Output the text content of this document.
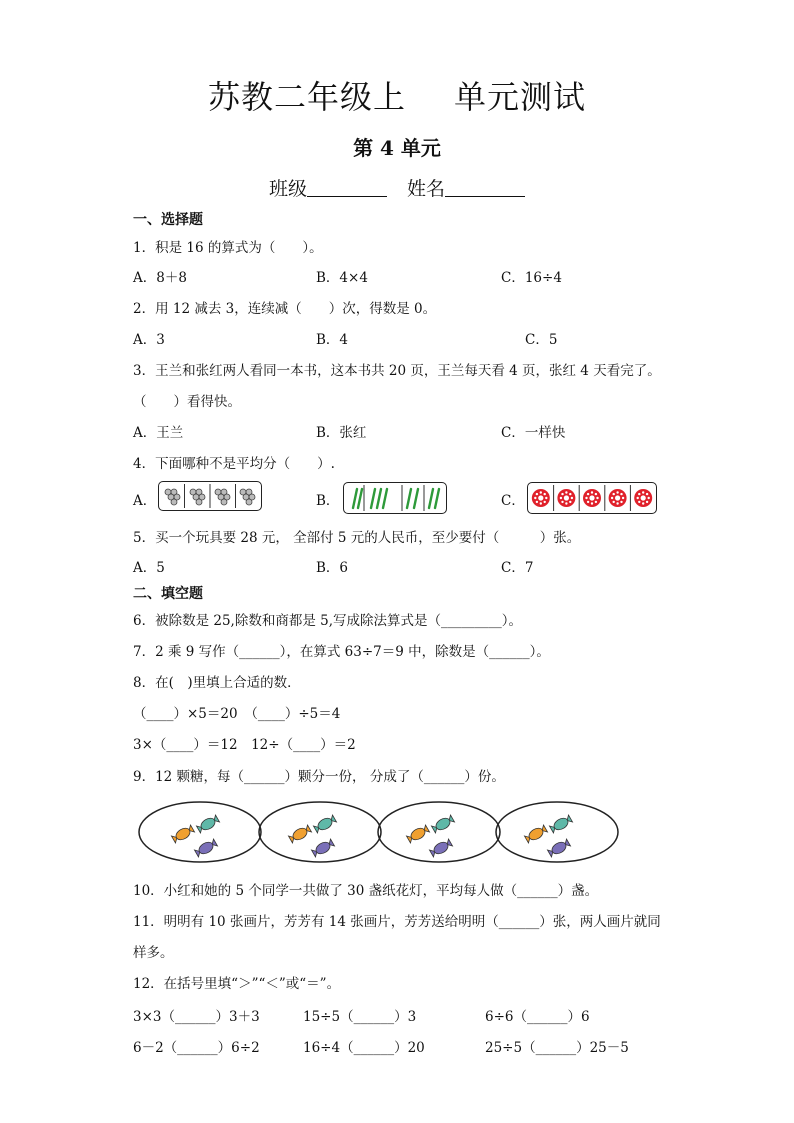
苏教二年级上 单元测试
第 4 单元
班级	姓名
一、选择题
1．积是 16 的算式为（　　）。
A．8＋8	B．4×4	C．16÷4
2．用 12 减去 3，连续减（　　）次，得数是 0。
A．3	B．4	C．5
3．王兰和张红两人看同一本书，这本书共 20 页，王兰每天看 4 页，张红 4 天看完了。
（　　）看得快。
A．王兰	B．张红	C．一样快
4．下面哪种不是平均分（　　）.
A．	B．	C．
5．买一个玩具要 28 元， 全部付 5 元的人民币，至少要付（　　　）张。
A．5	B．6	C．7
二、填空题
6．被除数是 25,除数和商都是 5,写成除法算式是（_________）。
7．2 乘 9 写作（______），在算式 63÷7＝9 中，除数是（______）。
8．在(　)里填上合适的数．
（____）×5＝20　（____）÷5＝4
3×（____）＝12　12÷（____）＝2
9．12 颗糖，每（______）颗分一份， 分成了（______）份。
10．小红和她的 5 个同学一共做了 30 盏纸花灯，平均每人做（______）盏。
11．明明有 10 张画片，芳芳有 14 张画片，芳芳送给明明（______）张，两人画片就同
样多。
12．在括号里填“＞”“＜”或“＝”。
3×3（______）3＋3	15÷5（______）3	6÷6（______）6
6－2（______）6÷2	16÷4（______）20	25÷5（______）25－5
